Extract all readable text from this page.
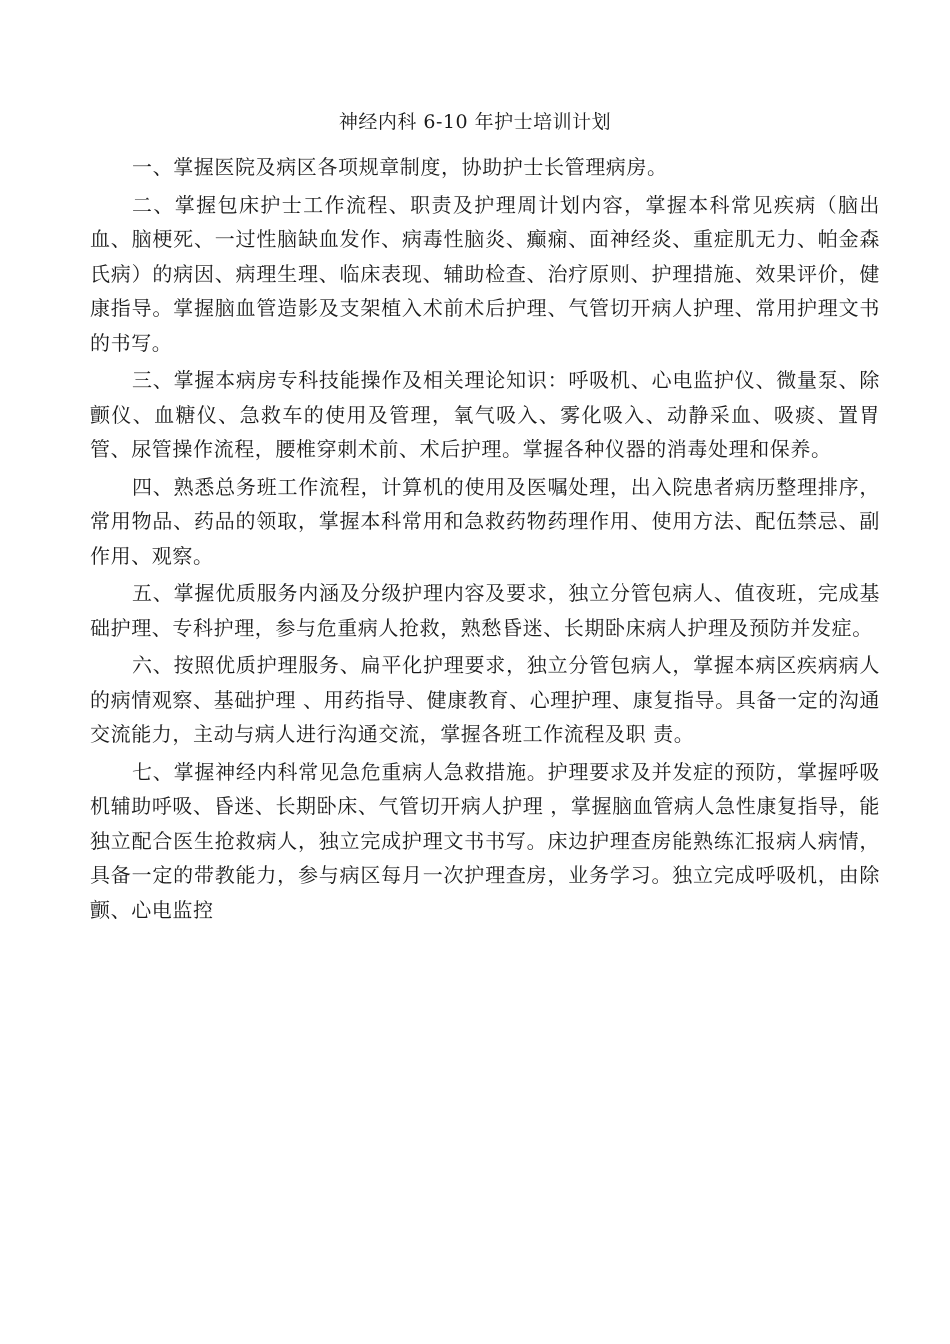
神经内科 6-10 年护士培训计划

一、掌握医院及病区各项规章制度，协助护士长管理病房。

二、掌握包床护士工作流程、职责及护理周计划内容，掌握本科常见疾病（脑出血、脑梗死、一过性脑缺血发作、病毒性脑炎、癫痫、面神经炎、重症肌无力、帕金森氏病）的病因、病理生理、临床表现、辅助检查、治疗原则、护理措施、效果评价，健康指导。掌握脑血管造影及支架植入术前术后护理、气管切开病人护理、常用护理文书的书写。

三、掌握本病房专科技能操作及相关理论知识：呼吸机、心电监护仪、微量泵、除颤仪、血糖仪、急救车的使用及管理，氧气吸入、雾化吸入、动静采血、吸痰、置胃管、尿管操作流程，腰椎穿刺术前、术后护理。掌握各种仪器的消毒处理和保养。

四、熟悉总务班工作流程，计算机的使用及医嘱处理，出入院患者病历整理排序，常用物品、药品的领取，掌握本科常用和急救药物药理作用、使用方法、配伍禁忌、副作用、观察。

五、掌握优质服务内涵及分级护理内容及要求，独立分管包病人、值夜班，完成基础护理、专科护理，参与危重病人抢救，熟愁昏迷、长期卧床病人护理及预防并发症。

六、按照优质护理服务、扁平化护理要求，独立分管包病人，掌握本病区疾病病人的病情观察、基础护理 、用药指导、健康教育、心理护理、康复指导。具备一定的沟通交流能力，主动与病人进行沟通交流，掌握各班工作流程及职 责。

七、掌握神经内科常见急危重病人急救措施。护理要求及并发症的预防，掌握呼吸机辅助呼吸、昏迷、长期卧床、气管切开病人护理 ，掌握脑血管病人急性康复指导，能独立配合医生抢救病人，独立完成护理文书书写。床边护理查房能熟练汇报病人病情，具备一定的带教能力，参与病区每月一次护理查房，业务学习。独立完成呼吸机，由除颤、心电监控
